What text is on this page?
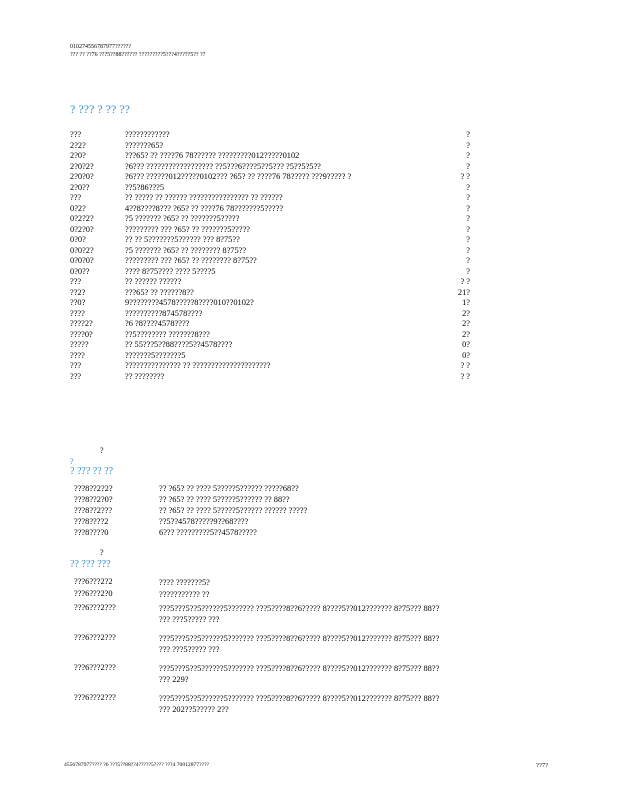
010274556787977??????
??? ?? ??76 ???5??88?????? ?????????5???4?????5?? ??
? ??? ? ?? ??
???	????????????	?
2?2?	???????65?	?
2?0?	???65? ?? ????76 78?????? ?????????012?????0102	?
2?0?2?	?6??? ?????????????????? ??5???6????5??5??? ?5??5?5??	?
2?0?0?	?6??? ??????012?????0102??? ?65? ?? ????76 78????? ???9????? ?	? ?
2?0??	??5?86???5	?
???	?? ????? ?? ?????? ???????????????? ?? ??????	?
0?2?	4??8????8??? ?65? ?? ????76 78???????5?????	?
0?2?2?	?5 ??????? ?65? ?? ???????5?????	?
0?2?0?	????????? ??? ?65? ?? ???????5?????	?
0?0?	?? ?? 5???????5?????? ??? 8?75??	?
0?0?2?	?5 ??????? ?65? ?? ???????? 8?75??	?
0?0?0?	????????? ??? ?65? ?? ???????? 8?75??	?
0?0??	???? 8?75???? ???? 5????5	?
???	?? ?????? ??????	? ?
??2?	???65? ?? ??????8??	21?
??0?	9????????4578?????8????010??0102?	1?
????	??????????874578????	2?
????2?	?6 ?8????4578????	2?
????0?	??5???????? ???????8???	2?
?????	?? 55???5??88????5??4578????	0?
????	???????5???????5	0?
???	??????????????? ?? ?????????????????????	? ?
???	?? ????????	? ?
?
?
? ??? ?? ??
???8??2?2?	?? ?65? ?? ???? 5?????5?????? ?????68??
???8??2?0?	?? ?65? ?? ???? 5?????5?????? ?? 88??
???8??2???	?? ?65? ?? ???? 5?????5?????? ?????? ?????
???8????2	??5??4578?????9??68????
???8????0	6??? ?????????5??4578?????
?
?? ??? ???
???6???2?2	???? ???????5?
???6???2?0	??????????? ??
???6???2???	???5???5??5??????5??????? ???5????8??6????? 8????5??012??????? 8?75??? 88??
??? ???5????? ???
???6???2???	???5???5??5??????5??????? ???5????8??6????? 8????5??012??????? 8?75??? 88??
??? ???5????? ???
???6???2???	???5???5??5??????5??????? ???5????8??6????? 8????5??012??????? 8?75??? 88??
??? 229?
???6???2???	???5???5??5??????5??????? ???5????8??6????? 8????5??012??????? 8?75??? 88??
??? 202??5????? 2??
4556787977???? ?6 ???5??88??4?????5???? ???4 70012877????	??7?
